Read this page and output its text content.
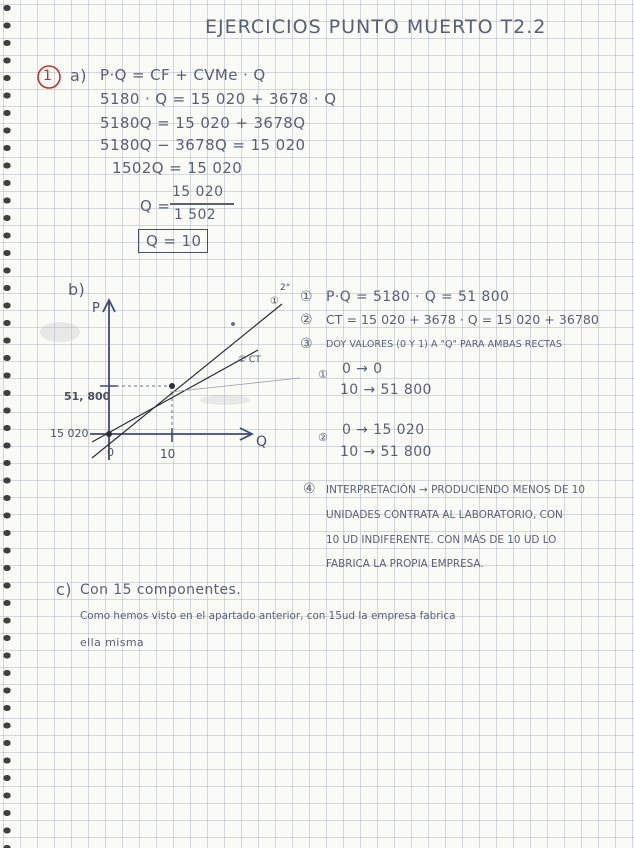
EJERCICIOS PUNTO MUERTO T2.2
1 a) P·Q = CF + CVMe · Q
5180 · Q = 15 020 + 3678 · Q
5180Q = 15 020 + 3678Q
5180Q − 3678Q = 15 020
1502Q = 15 020
Q =
15 020
1 502
Q = 10
b)
P
Q
51, 800
15 020
0	10
①
② CT
2°
① P·Q = 5180 · Q = 51 800
② CT = 15 020 + 3678 · Q = 15 020 + 36780
③ DOY VALORES (0 Y 1) A "Q" PARA AMBAS RECTAS
① 0 → 0
10 → 51 800
② 0 → 15 020
10 → 51 800
④ INTERPRETACIÓN → PRODUCIENDO MENOS DE 10
UNIDADES CONTRATA AL LABORATORIO, CON
10 UD INDIFERENTE. CON MÁS DE 10 UD LO
FABRICA LA PROPIA EMPRESA.
c) Con 15 componentes.
Como hemos visto en el apartado anterior, con 15ud la empresa fabrica
ella misma
